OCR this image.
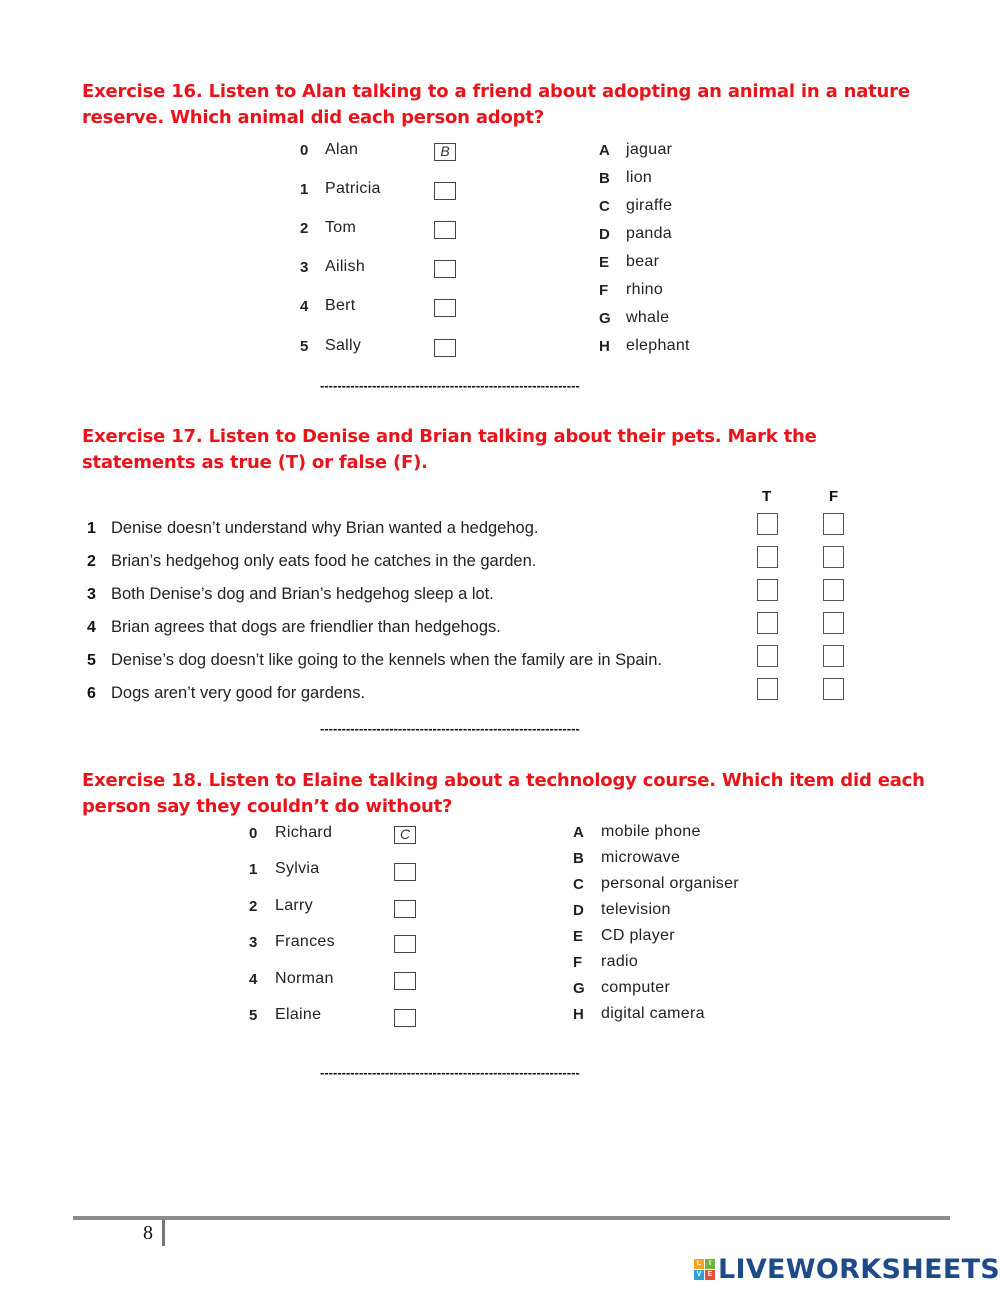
Exercise 16. Listen to Alan talking to a friend about adopting an animal in a nature reserve. Which animal did each person adopt?
0 Alan	B
1 Patricia
2 Tom
3 Ailish
4 Bert
5 Sally
A jaguar
B lion
C giraffe
D panda
E bear
F rhino
G whale
H elephant
------------------------------------------------------------
Exercise 17. Listen to Denise and Brian talking about their pets. Mark the statements as true (T) or false (F).
T	F
1 Denise doesn’t understand why Brian wanted a hedgehog.
2 Brian’s hedgehog only eats food he catches in the garden.
3 Both Denise’s dog and Brian’s hedgehog sleep a lot.
4 Brian agrees that dogs are friendlier than hedgehogs.
5 Denise’s dog doesn’t like going to the kennels when the family are in Spain.
6 Dogs aren’t very good for gardens.
------------------------------------------------------------
Exercise 18. Listen to Elaine talking about a technology course. Which item did each person say they couldn’t do without?
0 Richard	C
1 Sylvia
2 Larry
3 Frances
4 Norman
5 Elaine
A mobile phone
B microwave
C personal organiser
D television
E CD player
F radio
G computer
H digital camera
------------------------------------------------------------
8
L	I
V E LIVEWORKSHEETS
